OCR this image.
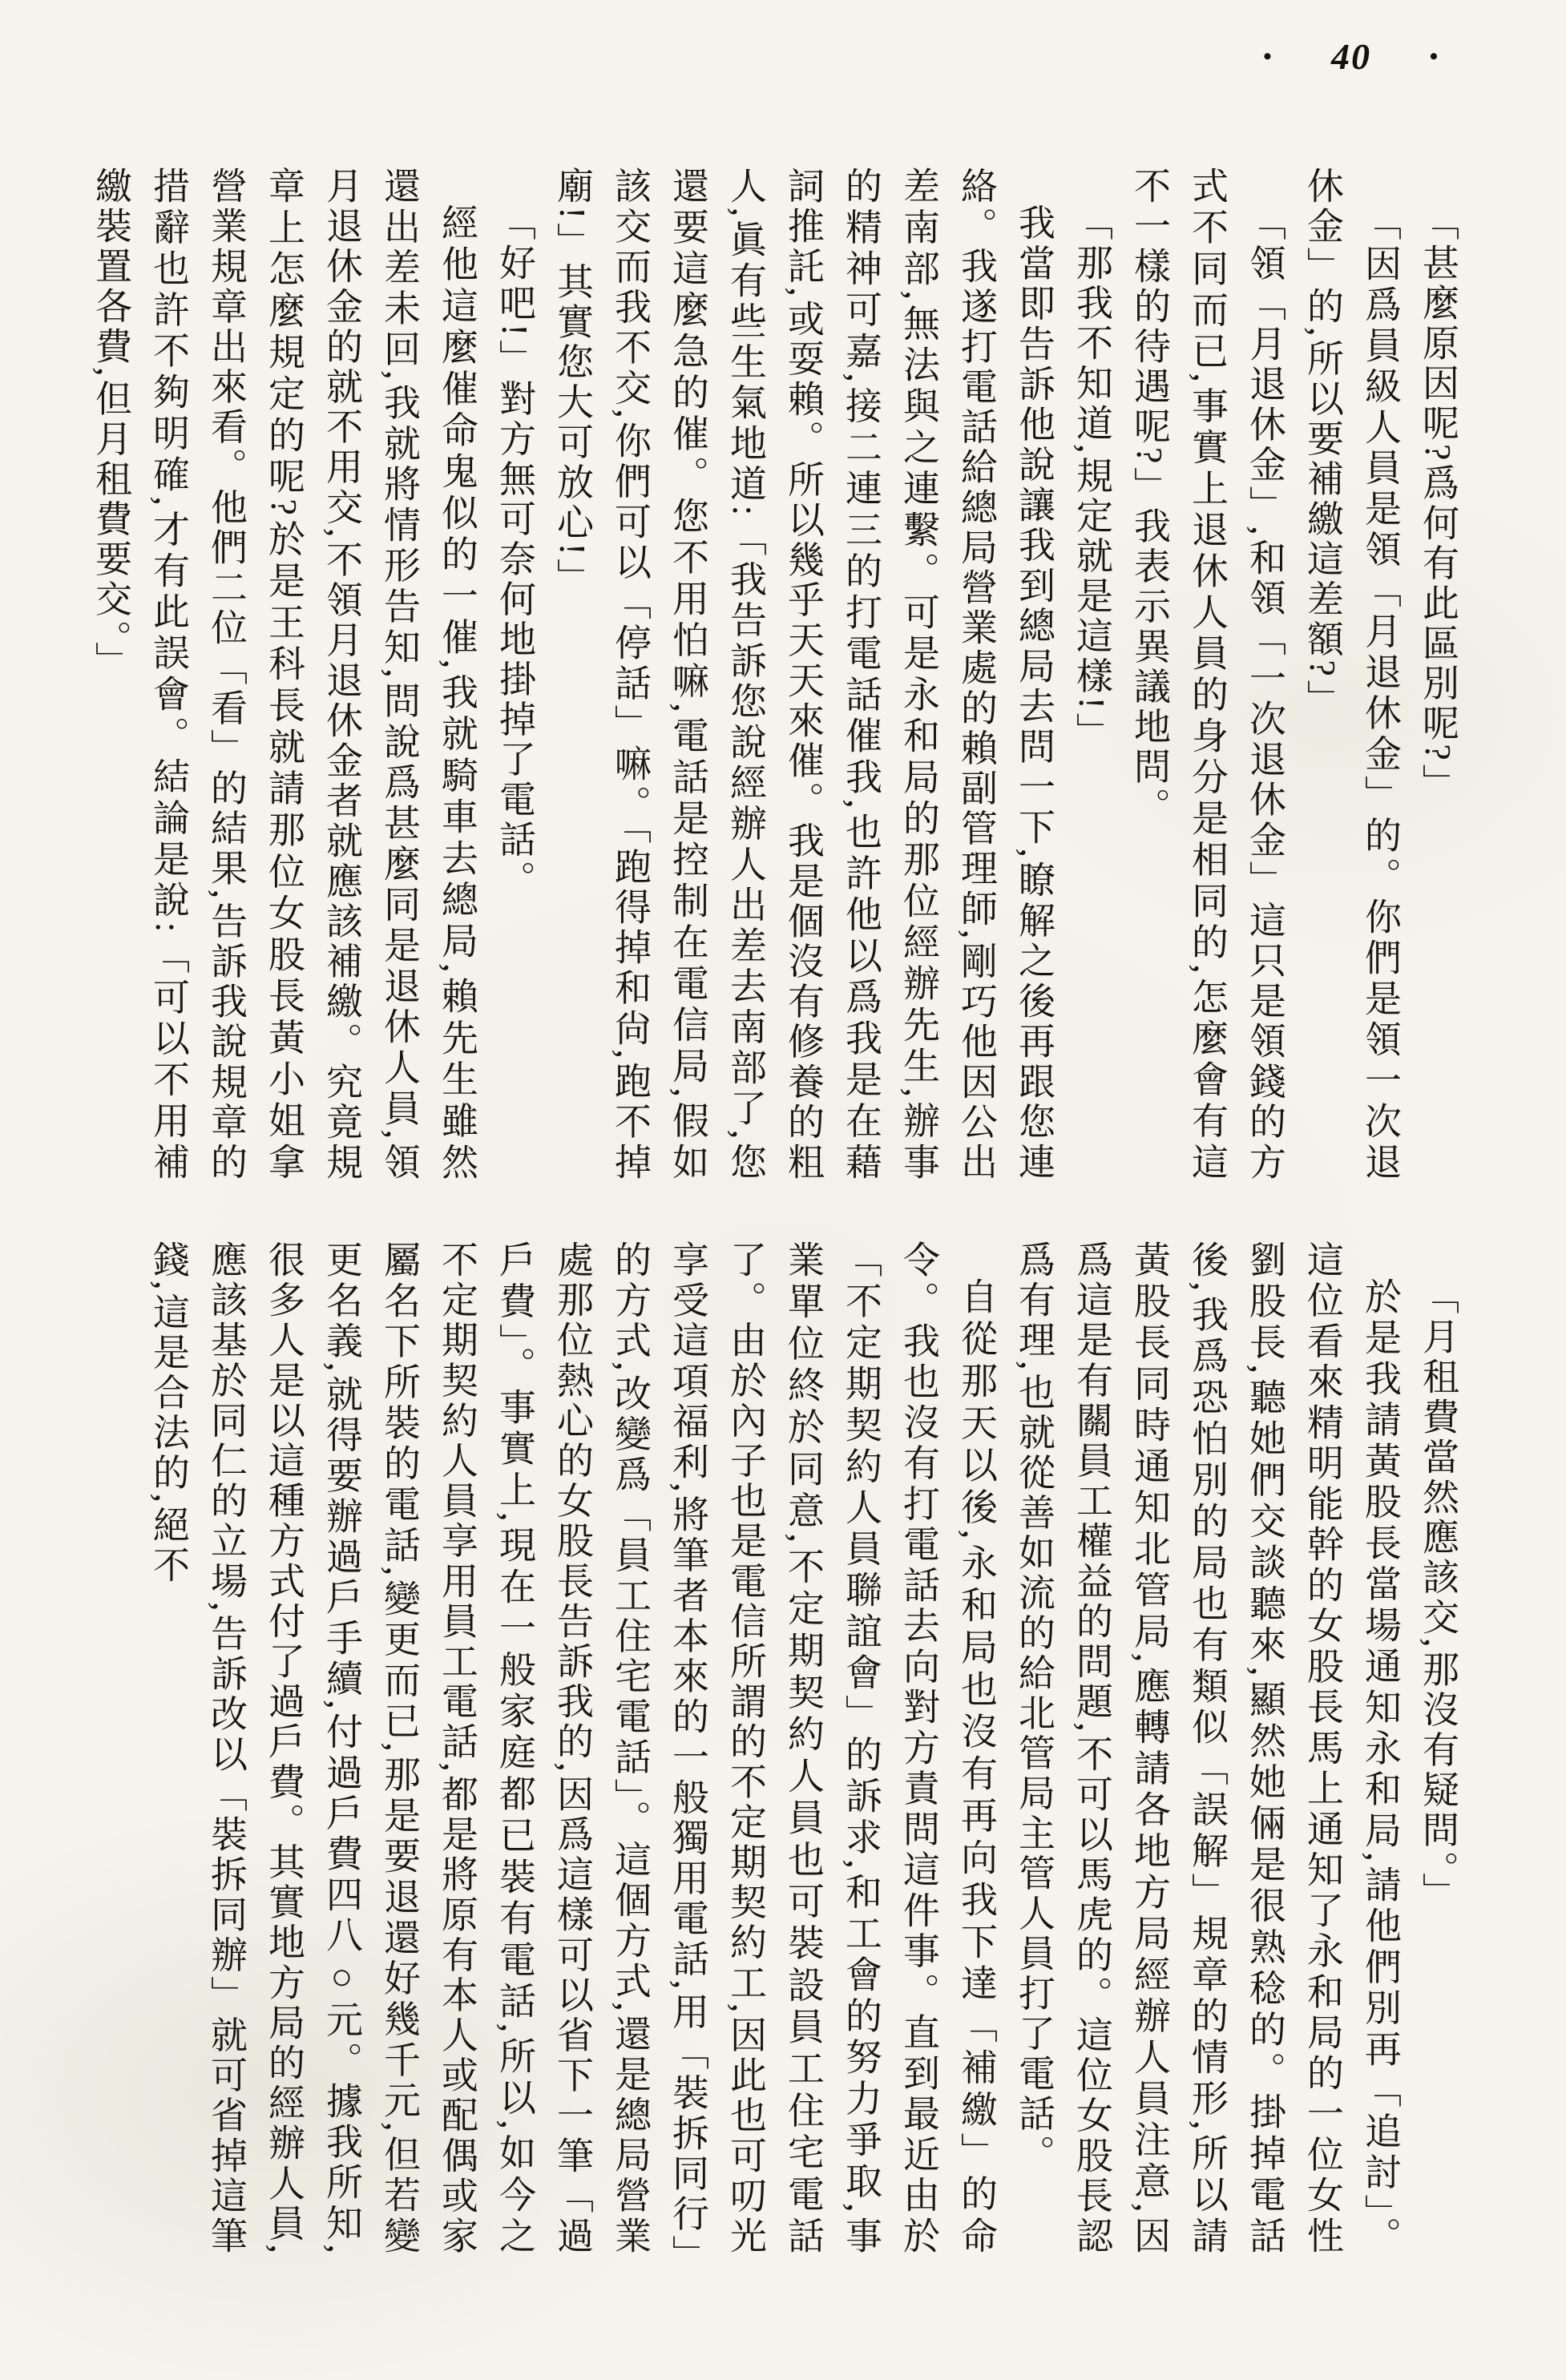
• 40 •

「甚麼原因呢?爲何有此區別呢?」

「因爲員級人員是領「月退休金」的。你們是領一次退休金」的,所以要補繳這差額?」

「領「月退休金」,和領「一次退休金」這只是領錢的方式不同而已,事實上退休人員的身分是相同的,怎麼會有這不一樣的待遇呢?」我表示異議地問。

「那我不知道,規定就是這樣!」

我當即告訴他說讓我到總局去問一下,瞭解之後再跟您連絡。我遂打電話給總局營業處的賴副管理師,剛巧他因公出差南部,無法與之連繫。可是永和局的那位經辦先生,辦事的精神可嘉,接二連三的打電話催我,也許他以爲我是在藉詞推託,或耍賴。所以幾乎天天來催。我是個沒有修養的粗人,眞有些生氣地道:「我告訴您說經辦人出差去南部了,您還要這麼急的催。您不用怕嘛,電話是控制在電信局,假如該交而我不交,你們可以「停話」嘛。「跑得掉和尙,跑不掉廟!」其實您大可放心!」

「好吧!」對方無可奈何地掛掉了電話。

經他這麼催命鬼似的一催,我就騎車去總局,賴先生雖然還出差未回,我就將情形告知,問說爲甚麼同是退休人員,領月退休金的就不用交,不領月退休金者就應該補繳。究竟規章上怎麼規定的呢?於是王科長就請那位女股長黃小姐拿營業規章出來看。他們二位「看」的結果,告訴我說規章的措辭也許不夠明確,才有此誤會。結論是說:「可以不用補繳裝置各費,但月租費要交。」

「月租費當然應該交,那沒有疑問。」

於是我請黃股長當場通知永和局,請他們別再「追討」。這位看來精明能幹的女股長馬上通知了永和局的一位女性劉股長,聽她們交談聽來,顯然她倆是很熟稔的。掛掉電話後,我爲恐怕別的局也有類似「誤解」規章的情形,所以請黃股長同時通知北管局,應轉請各地方局經辦人員注意,因爲這是有關員工權益的問題,不可以馬虎的。這位女股長認爲有理,也就從善如流的給北管局主管人員打了電話。

自從那天以後,永和局也沒有再向我下達「補繳」的命令。我也沒有打電話去向對方責問這件事。直到最近由於「不定期契約人員聯誼會」的訴求,和工會的努力爭取,事業單位終於同意,不定期契約人員也可裝設員工住宅電話了。由於內子也是電信所謂的不定期契約工,因此也可叨光享受這項福利,將筆者本來的一般獨用電話,用「裝拆同行」的方式,改變爲「員工住宅電話」。這個方式,還是總局營業處那位熱心的女股長告訴我的,因爲這樣可以省下一筆「過戶費」。事實上,現在一般家庭都已裝有電話,所以,如今之不定期契約人員享用員工電話,都是將原有本人或配偶或家屬名下所裝的電話,變更而已,那是要退還好幾千元,但若變更名義,就得要辦過戶手續,付過戶費四八○元。據我所知,很多人是以這種方式付了過戶費。其實地方局的經辦人員,應該基於同仁的立場,告訴改以「裝拆同辦」就可省掉這筆錢,這是合法的,絕不
